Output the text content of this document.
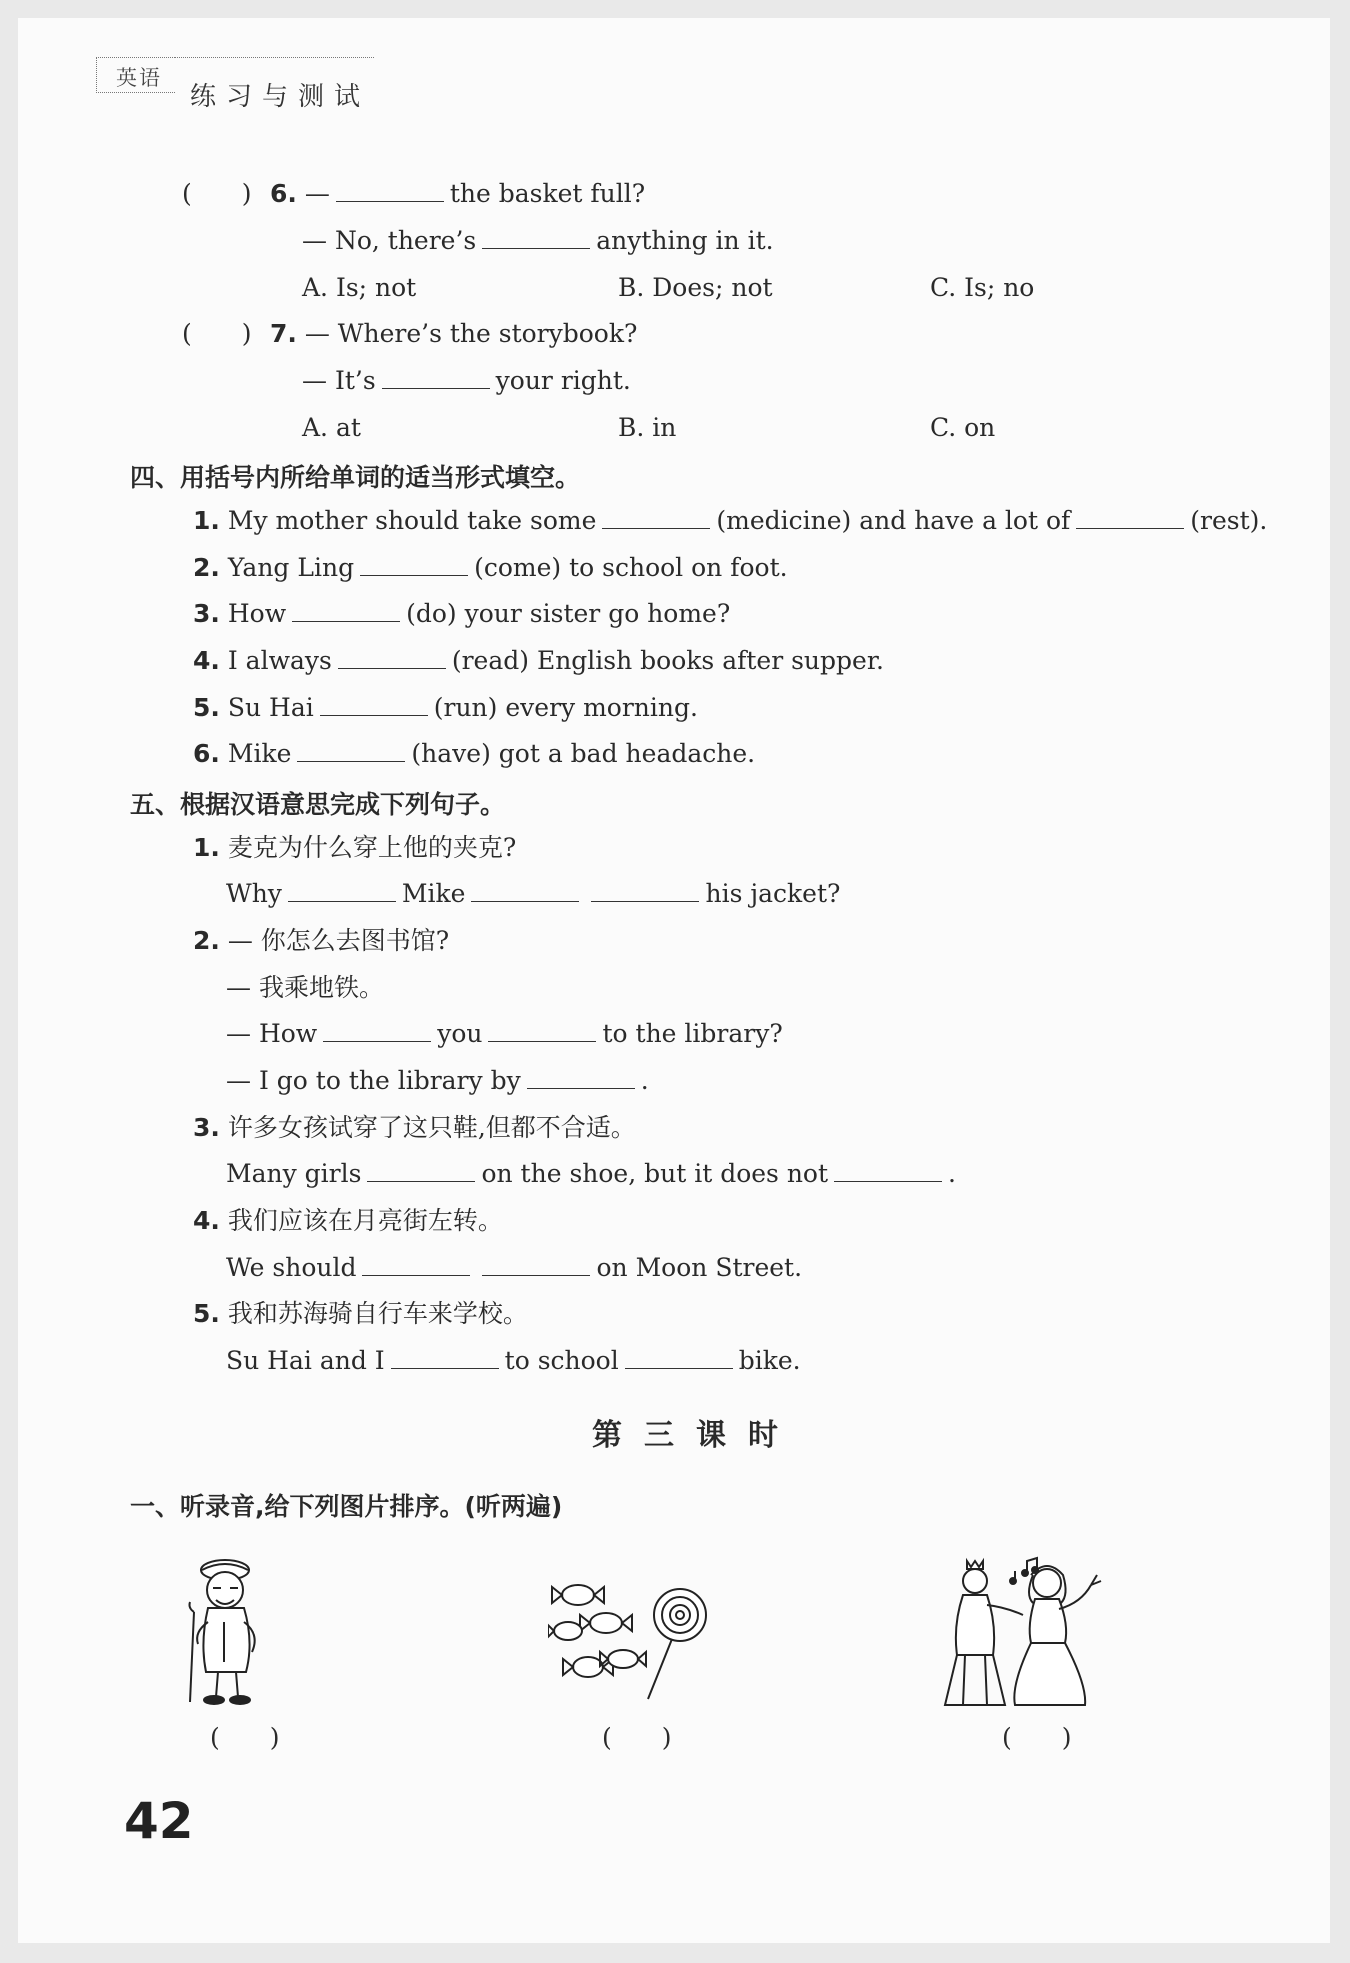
英语
练习与测试
(　　) 6. —	the basket full?
— No, there’s	anything in it.
A. Is; not	B. Does; not	C. Is; no
(　　) 7. — Where’s the storybook?
— It’s	your right.
A. at	B. in	C. on
四、用括号内所给单词的适当形式填空。
1. My mother should take some	(medicine) and have a lot of	(rest).
2. Yang Ling	(come) to school on foot.
3. How	(do) your sister go home?
4. I always	(read) English books after supper.
5. Su Hai	(run) every morning.
6. Mike	(have) got a bad headache.
五、根据汉语意思完成下列句子。
1. 麦克为什么穿上他的夹克?
Why	Mike	his jacket?
2. — 你怎么去图书馆?
— 我乘地铁。
— How	you	to the library?
— I go to the library by	.
3. 许多女孩试穿了这只鞋,但都不合适。
Many girls	on the shoe, but it does not	.
4. 我们应该在月亮街左转。
We should	on Moon Street.
5. 我和苏海骑自行车来学校。
Su Hai and I	to school	bike.
第三课时
一、听录音,给下列图片排序。(听两遍)
(　　)	(　　)	(　　)
42
